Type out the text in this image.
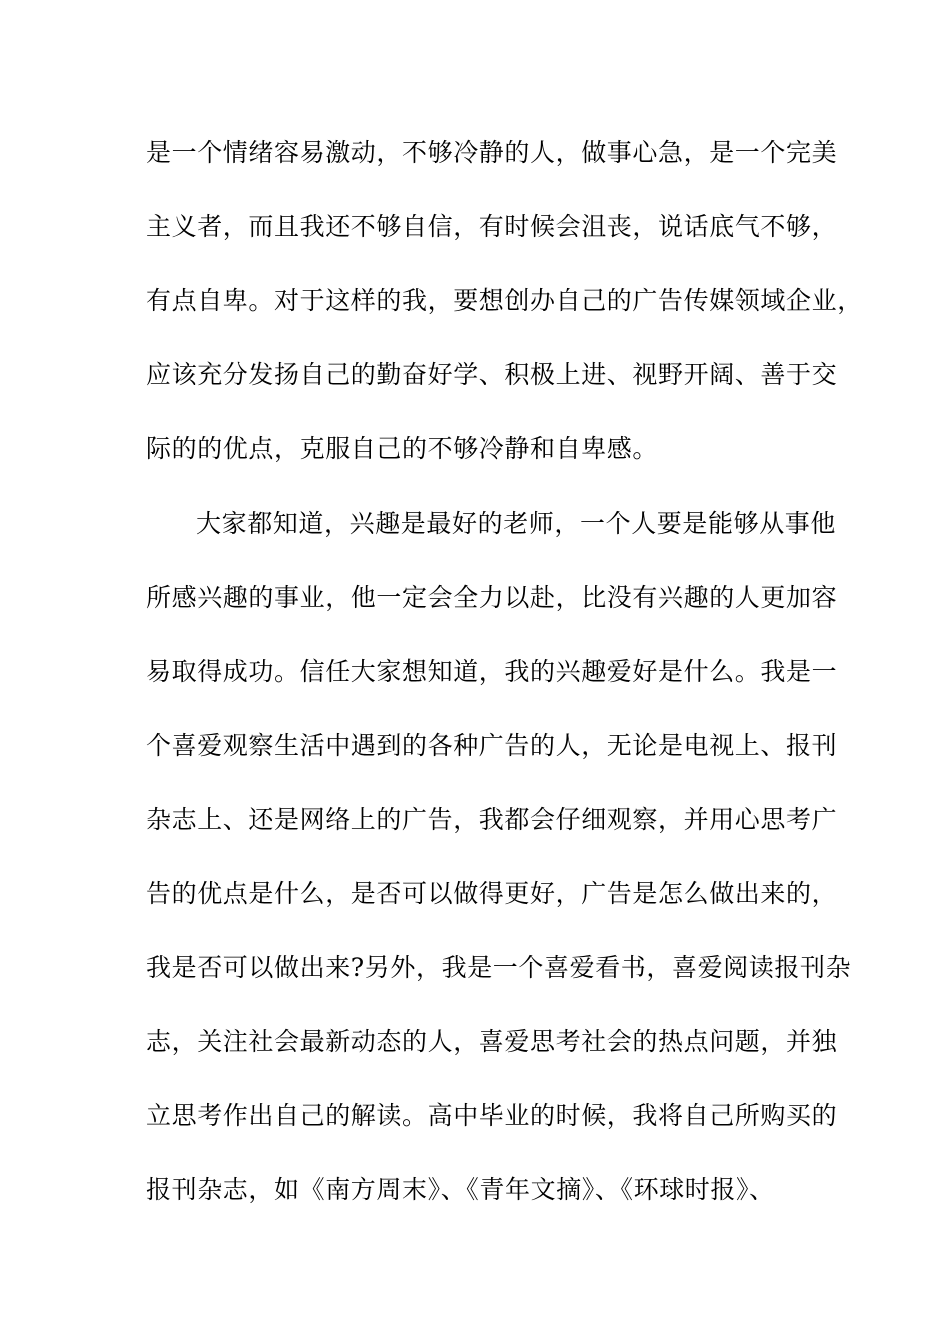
是一个情绪容易激动，不够冷静的人，做事心急，是一个完美
主义者，而且我还不够自信，有时候会沮丧，说话底气不够，
有点自卑。对于这样的我，要想创办自己的广告传媒领域企业，
应该充分发扬自己的勤奋好学、积极上进、视野开阔、善于交
际的的优点，克服自己的不够冷静和自卑感。
大家都知道，兴趣是最好的老师，一个人要是能够从事他
所感兴趣的事业，他一定会全力以赴，比没有兴趣的人更加容
易取得成功。信任大家想知道，我的兴趣爱好是什么。我是一
个喜爱观察生活中遇到的各种广告的人，无论是电视上、报刊
杂志上、还是网络上的广告，我都会仔细观察，并用心思考广
告的优点是什么，是否可以做得更好，广告是怎么做出来的，
我是否可以做出来?另外，我是一个喜爱看书，喜爱阅读报刊杂
志，关注社会最新动态的人，喜爱思考社会的热点问题，并独
立思考作出自己的解读。高中毕业的时候，我将自己所购买的
报刊杂志，如《南方周末》、《青年文摘》、《环球时报》、
